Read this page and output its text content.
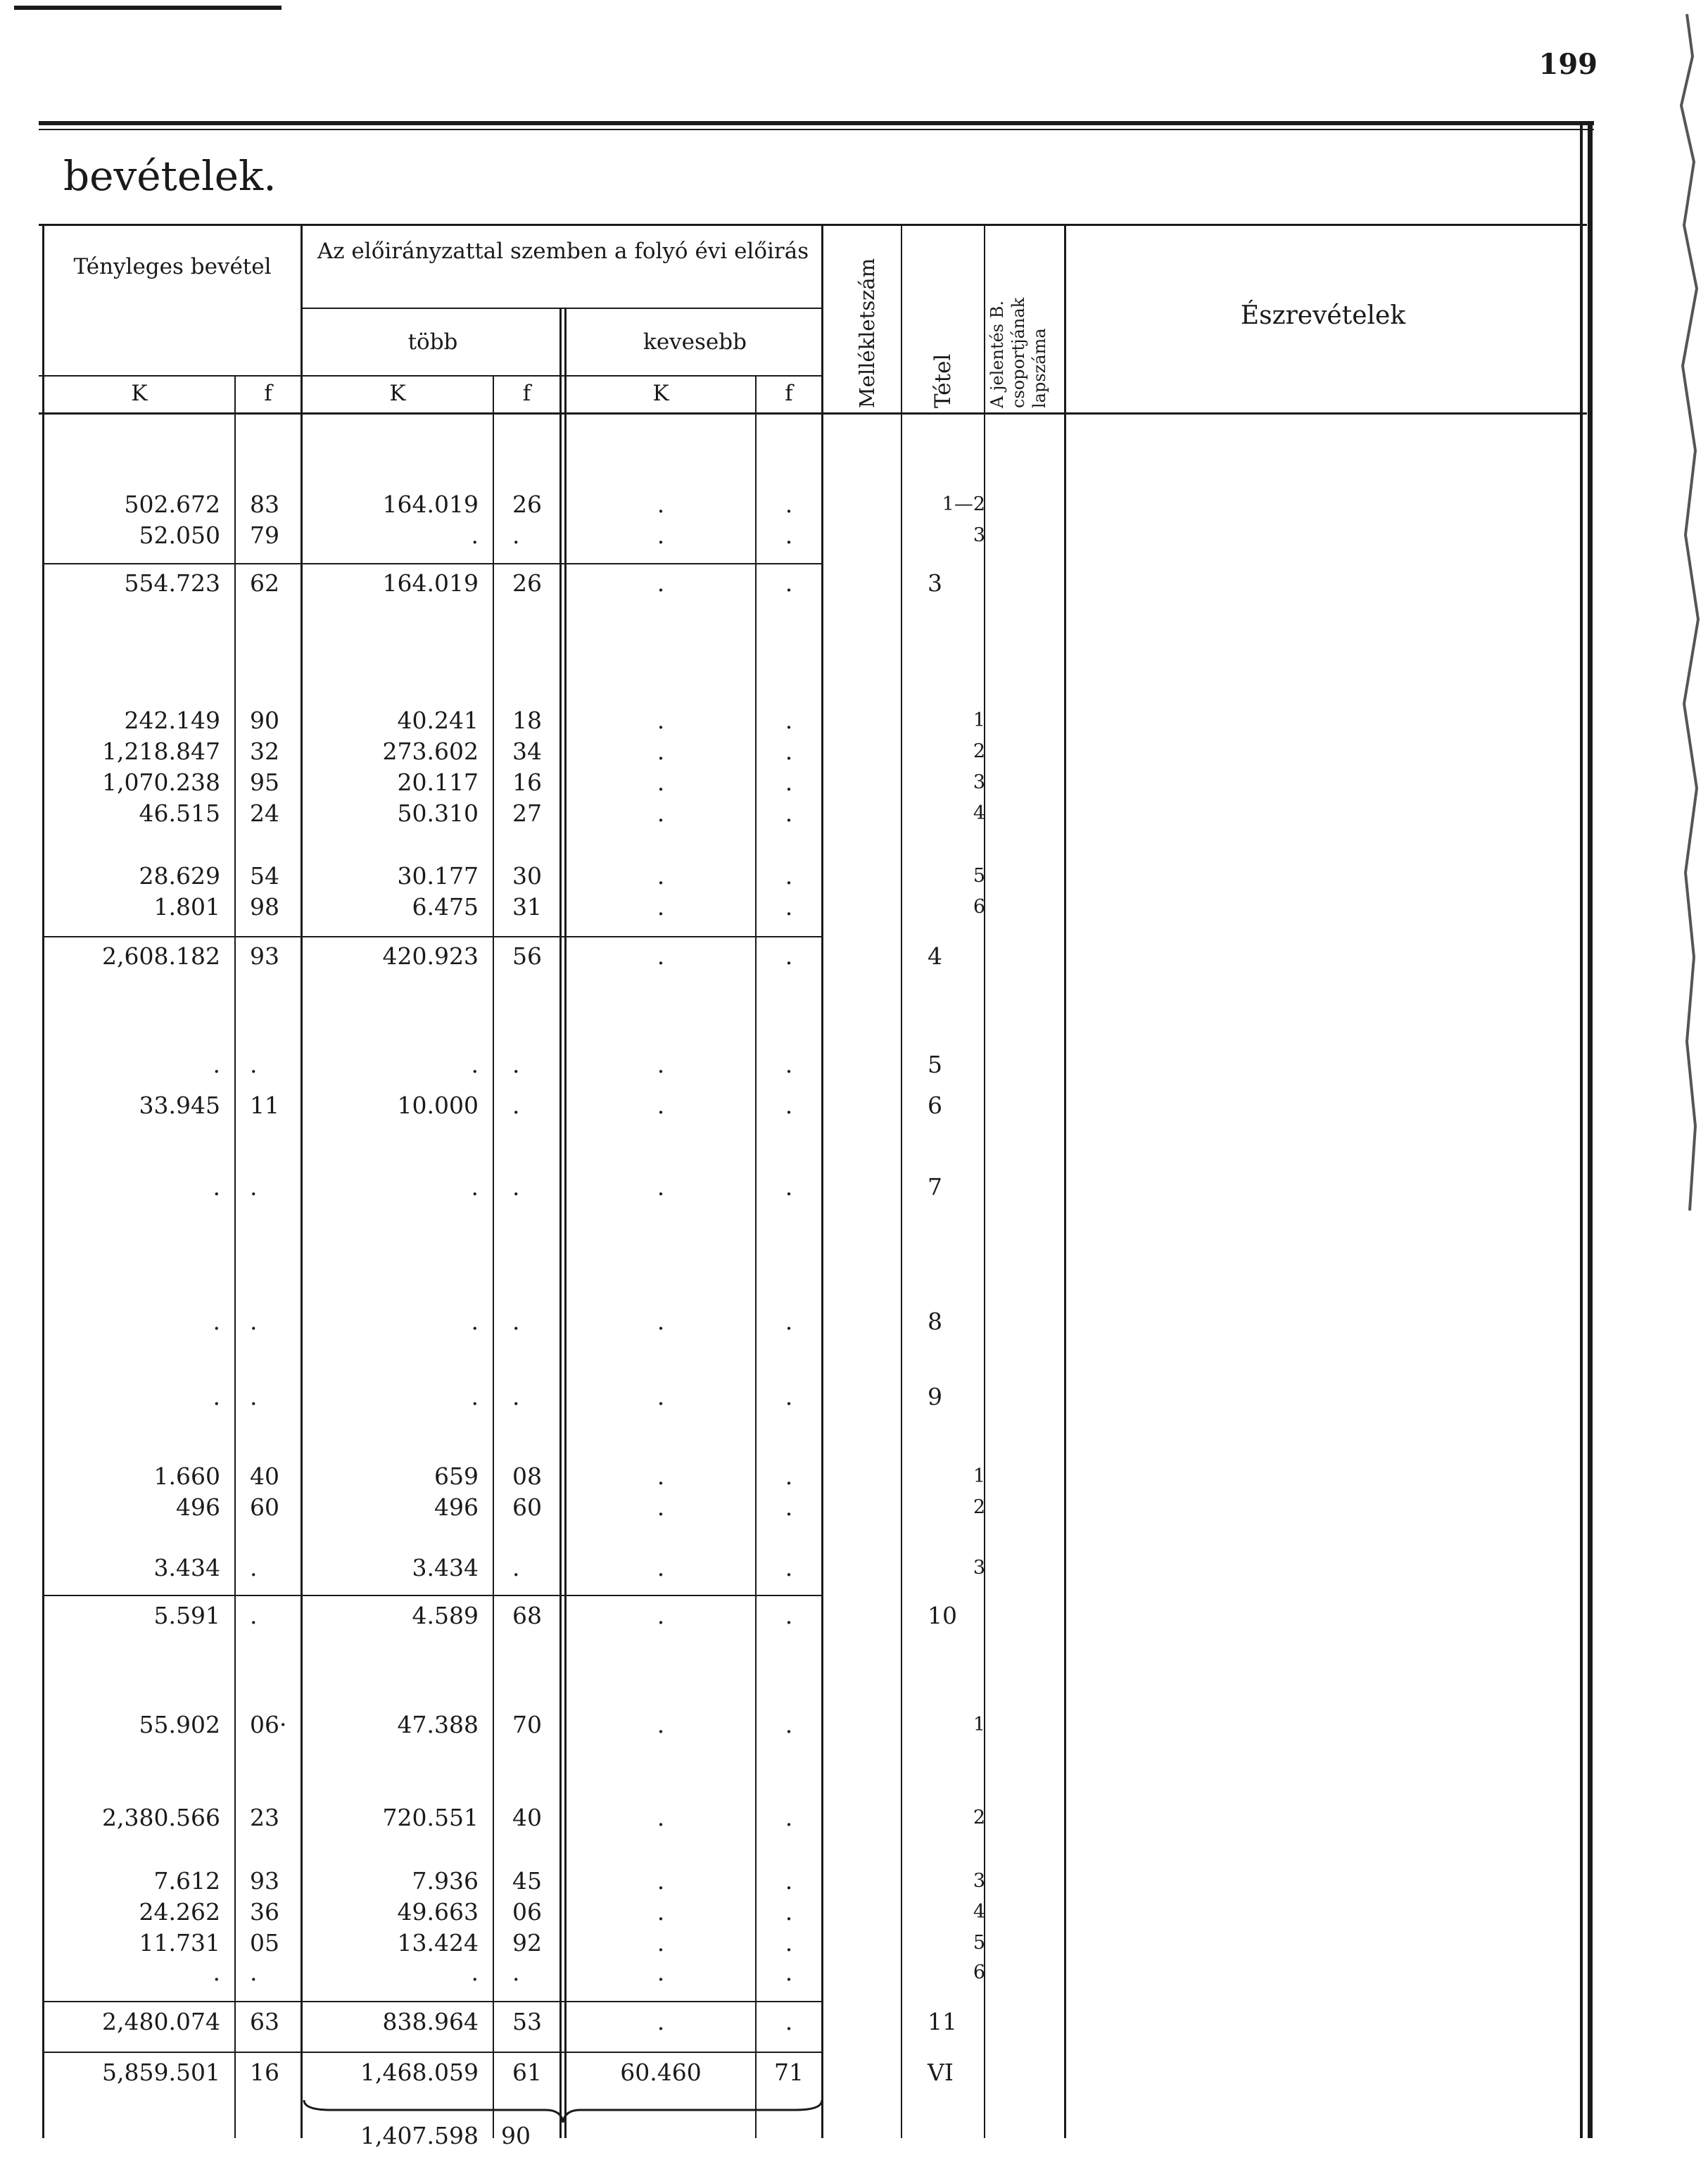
199
bevételek.
Tényleges bevétel
Az előirányzattal szemben a folyó évi előirás
több	kevesebb	Mellékletszám Tétel A jelentés B. csoportjának lapszáma
Észrevételek
K	f	K	f	K	f
502.672 83	164.019 26	.	.	1—2
52.050 79	. .	.	.	3
554.723 62	164.019 26	.	.	3
242.149 90	40.241 18	.	.	1
1,218.847 32	273.602 34	.	.	2
1,070.238 95	20.117 16	.	.	3
46.515 24	50.310 27	.	.	4
28.629 54	30.177 30	.	.	5
1.801 98	6.475 31	.	.	6
2,608.182 93	420.923 56	.	.	4
. .	. .	.	.	5
33.945 11	10.000 .	.	.	6
. .	. .	.	.	7
. .	. .	.	.	8
. .	. .	.	.	9
1.660 40	659 08	.	.	1
496 60	496 60	.	.	2
3.434 .	3.434 .	.	.	3
5.591 .	4.589 68	.	.	10
55.902 06·	47.388 70	.	.	1
2,380.566 23	720.551 40	.	.	2
7.612 93	7.936 45	.	.	3
24.262 36	49.663 06	.	.	4
11.731 05	13.424 92	.	.	5
. .	. .	.	.	6
2,480.074 63	838.964 53	.	.	11
5,859.501 16	1,468.059 61	60.460	71	VI
1,407.598 90
